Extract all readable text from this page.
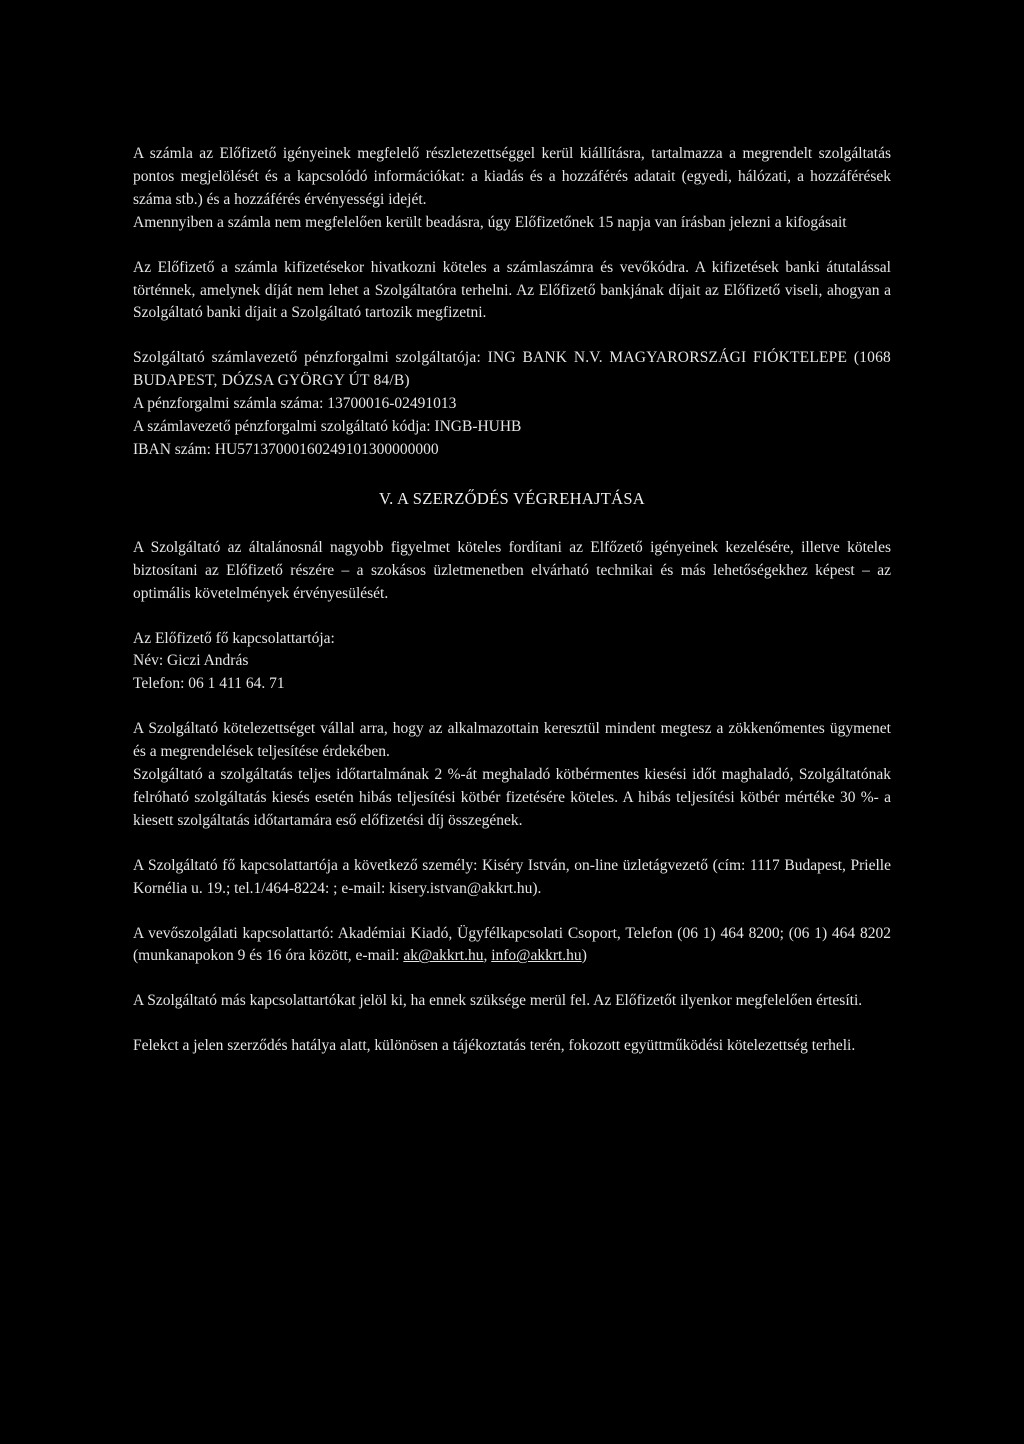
A számla az Előfizető igényeinek megfelelő részletezettséggel kerül kiállításra, tartalmazza a megrendelt szolgáltatás pontos megjelölését és a kapcsolódó információkat: a kiadás és a hozzáférés adatait (egyedi, hálózati, a hozzáférések száma stb.) és a hozzáférés érvényességi idejét.

Amennyiben a számla nem megfelelően került beadásra, úgy Előfizetőnek 15 napja van írásban jelezni a kifogásait

Az Előfizető a számla kifizetésekor hivatkozni köteles a számlaszámra és vevőkódra. A kifizetések banki átutalással történnek, amelynek díját nem lehet a Szolgáltatóra terhelni. Az Előfizető bankjának díjait az Előfizető viseli, ahogyan a Szolgáltató banki díjait a Szolgáltató tartozik megfizetni.

Szolgáltató számlavezető pénzforgalmi szolgáltatója: ING BANK N.V. MAGYARORSZÁGI FIÓKTELEPE (1068 BUDAPEST, DÓZSA GYÖRGY ÚT 84/B)

A pénzforgalmi számla száma: 13700016-02491013
A számlavezető pénzforgalmi szolgáltató kódja: INGB-HUHB
IBAN szám: HU57137000160249101300000000

V. A SZERZŐDÉS VÉGREHAJTÁSA

A Szolgáltató az általánosnál nagyobb figyelmet köteles fordítani az Elfőzető igényeinek kezelésére, illetve köteles biztosítani az Előfizető részére – a szokásos üzletmenetben elvárható technikai és más lehetőségekhez képest – az optimális követelmények érvényesülését.

Az Előfizető fő kapcsolattartója:
Név: Giczi András
Telefon: 06 1 411 64. 71

A Szolgáltató kötelezettséget vállal arra, hogy az alkalmazottain keresztül mindent megtesz a zökkenőmentes ügymenet és a megrendelések teljesítése érdekében.

Szolgáltató a szolgáltatás teljes időtartalmának 2 %-át meghaladó kötbérmentes kiesési időt maghaladó, Szolgáltatónak felróható szolgáltatás kiesés esetén hibás teljesítési kötbér fizetésére köteles. A hibás teljesítési kötbér mértéke 30 %- a kiesett szolgáltatás időtartamára eső előfizetési díj összegének.

A Szolgáltató fő kapcsolattartója a következő személy: Kiséry István, on-line üzletágvezető (cím: 1117 Budapest, Prielle Kornélia u. 19.; tel.1/464-8224: ; e-mail: kisery.istvan@akkrt.hu).

A vevőszolgálati kapcsolattartó: Akadémiai Kiadó, Ügyfélkapcsolati Csoport, Telefon (06 1) 464 8200; (06 1) 464 8202 (munkanapokon 9 és 16 óra között, e-mail: ak@akkrt.hu, info@akkrt.hu)

A Szolgáltató más kapcsolattartókat jelöl ki, ha ennek szüksége merül fel. Az Előfizetőt ilyenkor megfelelően értesíti.

Felekct a jelen szerződés hatálya alatt, különösen a tájékoztatás terén, fokozott együttműködési kötelezettség terheli.
